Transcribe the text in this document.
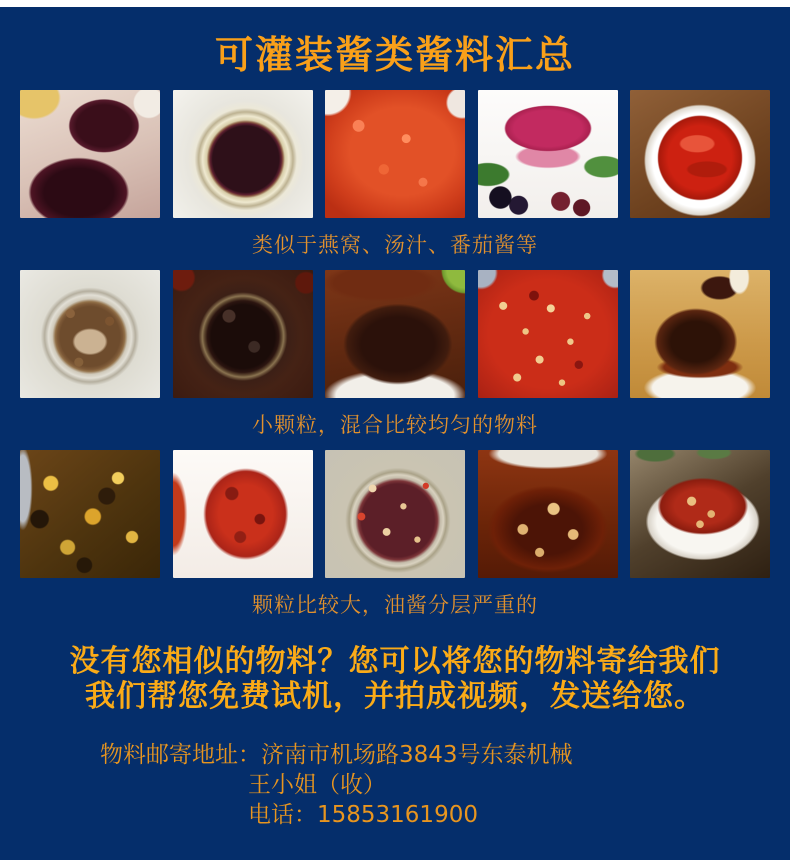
可灌装酱类酱料汇总
类似于燕窝、汤汁、番茄酱等
小颗粒，混合比较均匀的物料
颗粒比较大，油酱分层严重的
没有您相似的物料？您可以将您的物料寄给我们
我们帮您免费试机，并拍成视频，发送给您。
物料邮寄地址：济南市机场路3843号东泰机械
王小姐（收）
电话：15853161900
